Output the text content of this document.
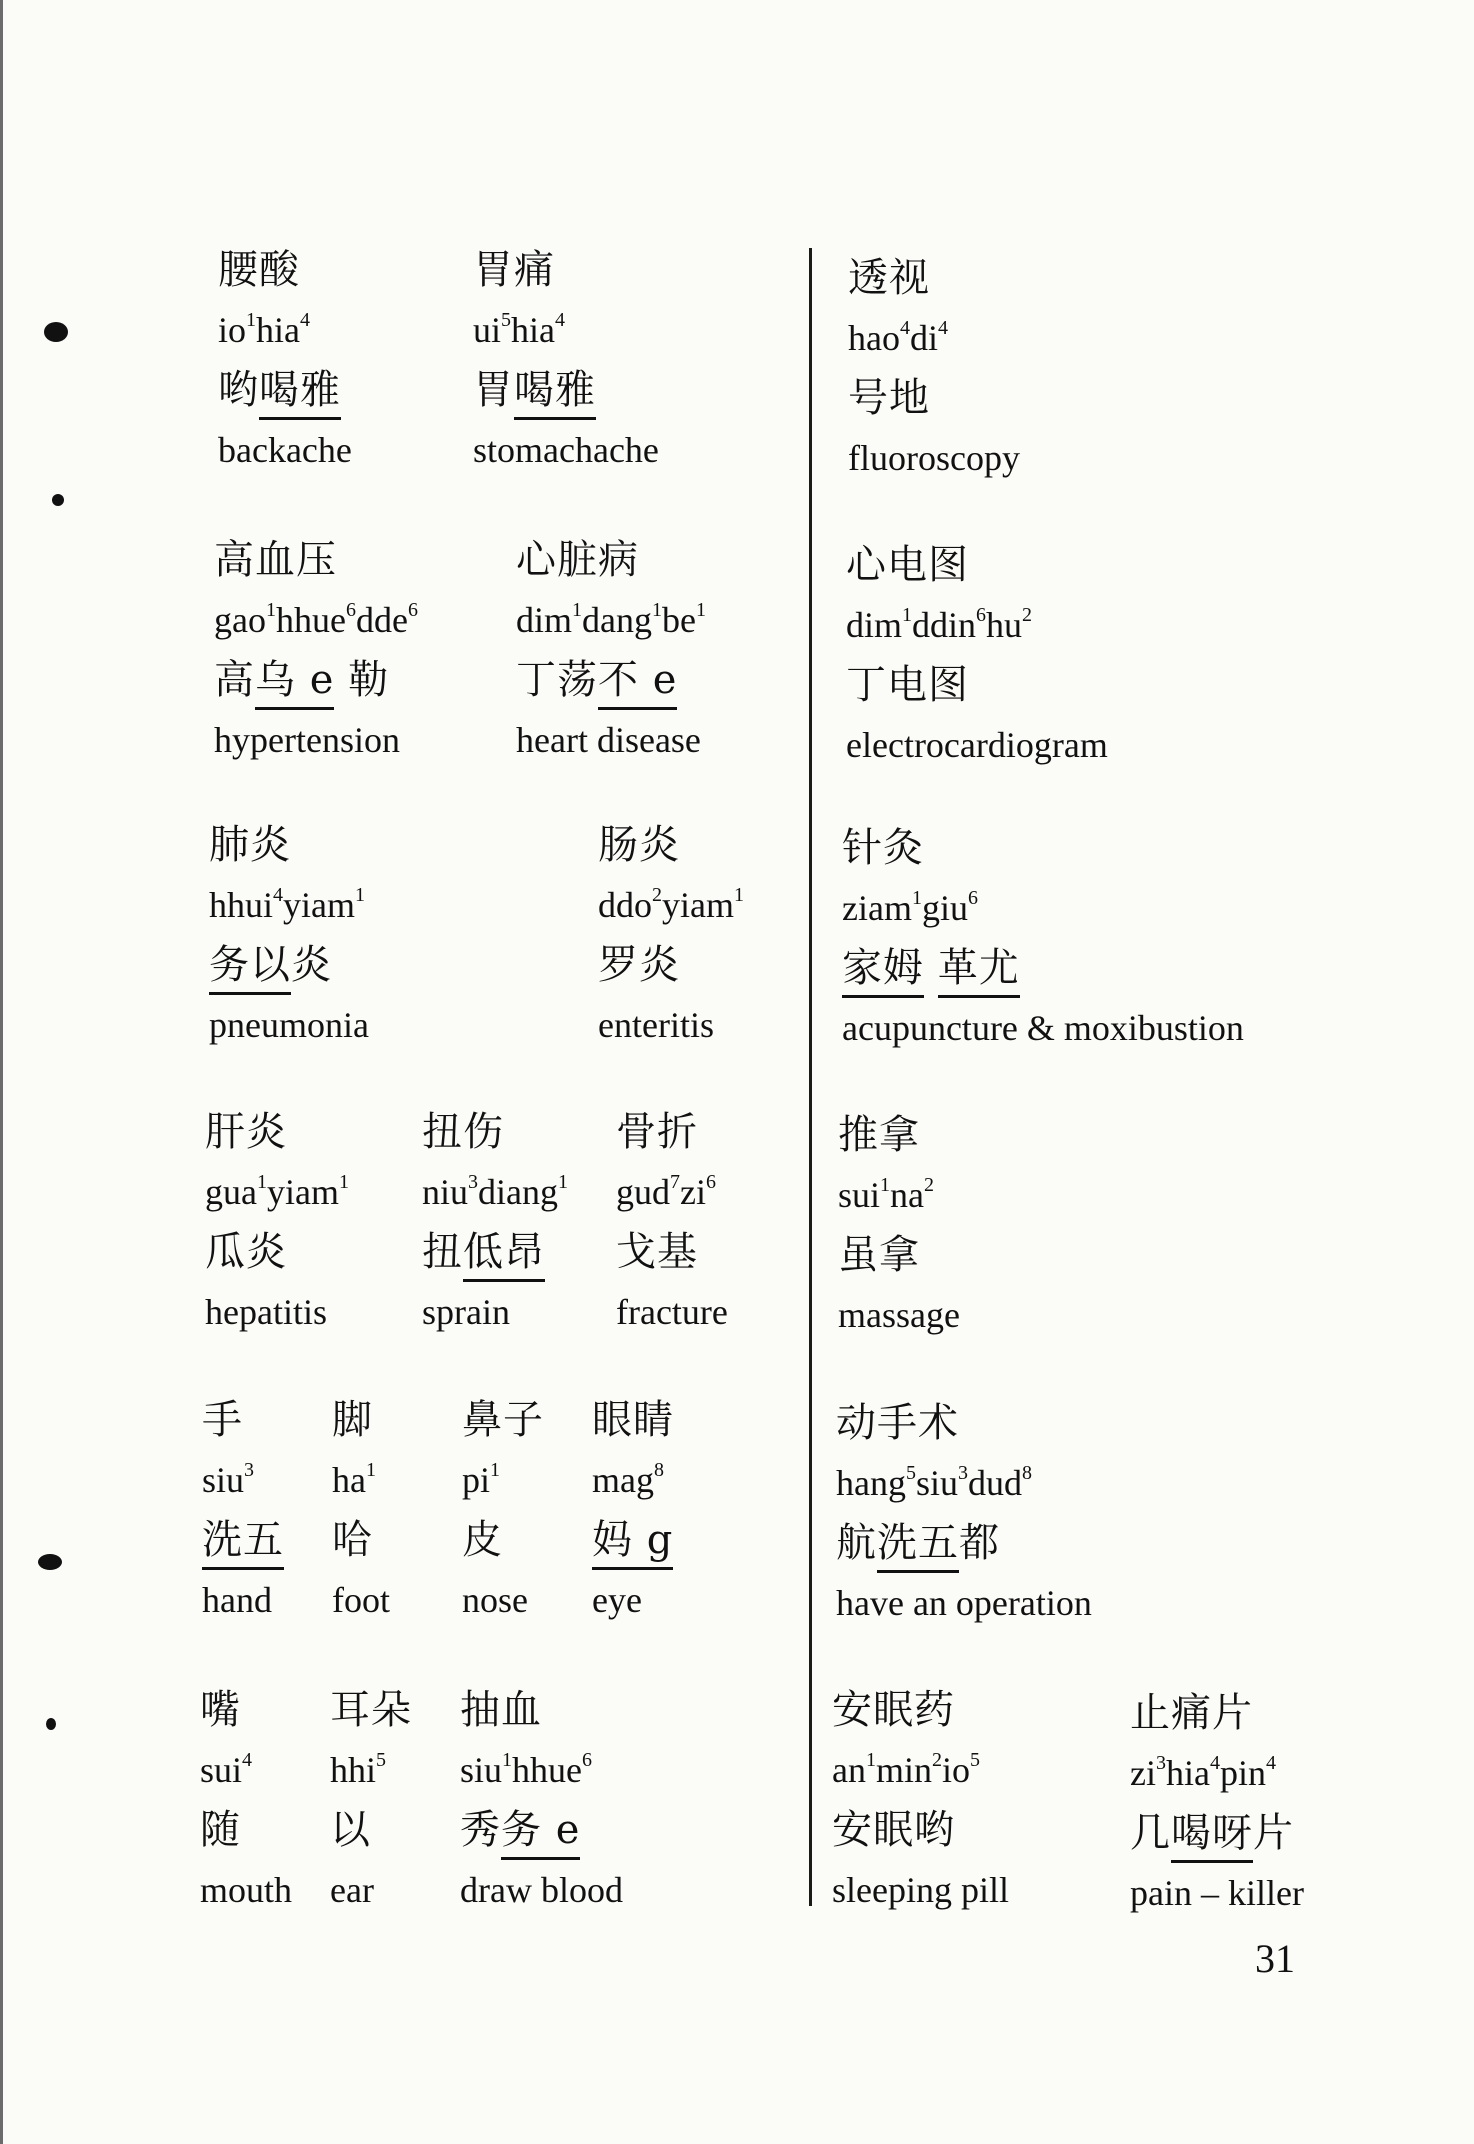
腰酸
$io^1hia^4$
哟喝雅
backache
胃痛
$ui^5hia^4$
胃喝雅
stomachache
透视
$hao^4di^4$
号地
fluoroscopy
高血压
gao$^1$hhue$^6$dde$^6$
高乌 e 勒
hypertension
心脏病
$dim^1dang^1be^1$
丁荡不 e
heart disease
心电图
$dim^1ddin^6hu^2$
丁电图
electrocardiogram
肺炎
hhui$^4$yiam$^1$
务以炎
pneumonia
肠炎
ddo$^2$yiam$^1$
罗炎
enteritis
针灸
ziam$^1$giu$^6$
家姆 革尤
acupuncture & moxibustion
肝炎
gua$^1$yiam$^1$
瓜炎
hepatitis
扭伤
niu$^3$diang$^1$
扭低昂
sprain
骨折
$gud^7zi^6$
戈基
fracture
推拿
$sui^1na^2$
虽拿
massage
手
siu$^3$
洗五
hand
脚
$ha^1$
哈
foot
鼻子
$pi^1$
皮
nose
眼睛
mag$^8$
妈 g
eye
动手术
hang$^5$siu$^3$dud$^8$
航洗五都
have an operation
嘴
sui$^4$
随
mouth
耳朵
hhi$^5$
以
ear
抽血
siu$^1$hhue$^6$
秀务 e
draw blood
安眠药
$an^1\min^2io^5$
安眠哟
sleeping pill
止痛片
$zi^3hia^4pin^4$
几喝呀片
pain – killer
31
